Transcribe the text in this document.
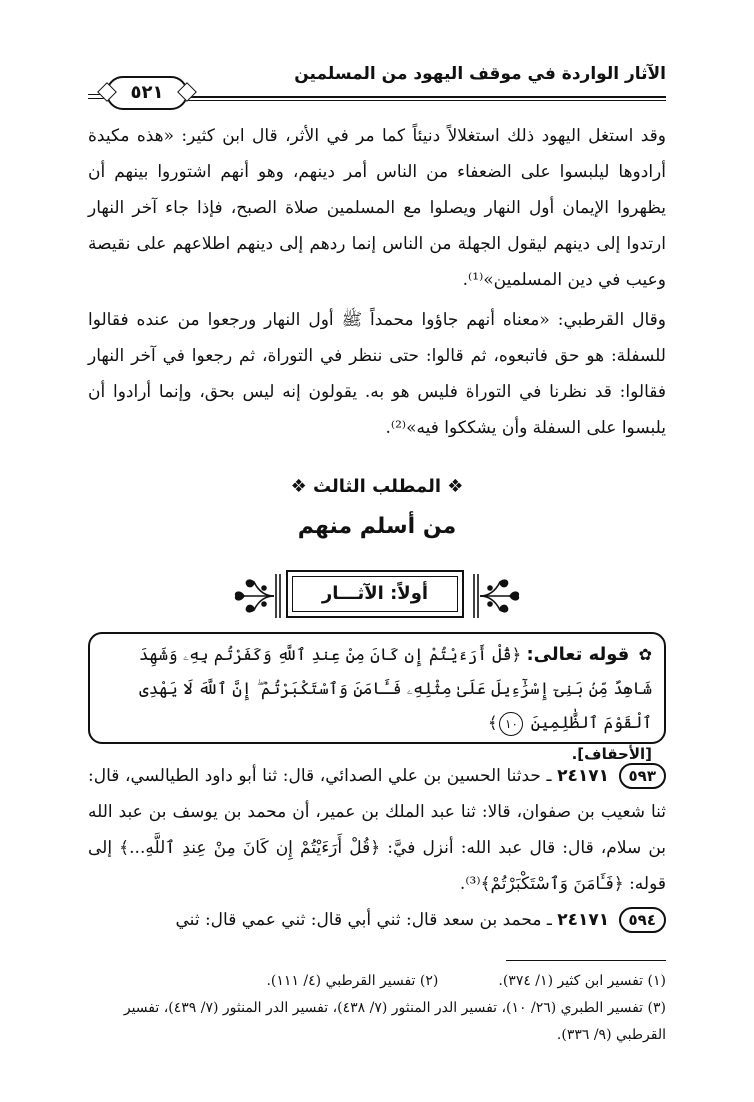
الآثار الواردة في موقف اليهود من المسلمين
٥٢١
وقد استغل اليهود ذلك استغلالاً دنيئاً كما مر في الأثر، قال ابن كثير: «هذه مكيدة أرادوها ليلبسوا على الضعفاء من الناس أمر دينهم، وهو أنهم اشتوروا بينهم أن يظهروا الإيمان أول النهار ويصلوا مع المسلمين صلاة الصبح، فإذا جاء آخر النهار ارتدوا إلى دينهم ليقول الجهلة من الناس إنما ردهم إلى دينهم اطلاعهم على نقيصة وعيب في دين المسلمين»⁽¹⁾.
وقال القرطبي: «معناه أنهم جاؤوا محمداً ﷺ أول النهار ورجعوا من عنده فقالوا للسفلة: هو حق فاتبعوه، ثم قالوا: حتى ننظر في التوراة، ثم رجعوا في آخر النهار فقالوا: قد نظرنا في التوراة فليس هو به. يقولون إنه ليس بحق، وإنما أرادوا أن يلبسوا على السفلة وأن يشككوا فيه»⁽²⁾.
❖ المطلب الثالث ❖
من أسلم منهم
أولاً: الآثـــار
✿ قوله تعالى: ﴿قُلْ أَرَءَيْتُمْ إِن كَانَ مِنْ عِندِ ٱللَّهِ وَكَفَرْتُم بِهِۦ وَشَهِدَ شَاهِدٌ مِّنۢ بَنِىٓ إِسْرَٰٓءِيلَ عَلَىٰ مِثْلِهِۦ فَـَٔامَنَ وَٱسْتَكْبَرْتُمْ ۖ إِنَّ ٱللَّهَ لَا يَهْدِى ٱلْقَوْمَ ٱلظَّٰلِمِينَ ١٠﴾
[الأحقاف].
٥٩٣ ٢٤١٧١ ـ حدثنا الحسين بن علي الصدائي، قال: ثنا أبو داود الطيالسي، قال: ثنا شعيب بن صفوان، قالا: ثنا عبد الملك بن عمير، أن محمد بن يوسف بن عبد الله بن سلام، قال: قال عبد الله: أنزل فيَّ: ﴿قُلْ أَرَءَيْتُمْ إِن كَانَ مِنْ عِندِ ٱللَّهِ...﴾ إلى قوله: ﴿فَـَٔامَنَ وَٱسْتَكْبَرْتُمْ﴾⁽³⁾.
٥٩٤ ٢٤١٧١ ـ محمد بن سعد قال: ثني أبي قال: ثني عمي قال: ثني
(١) تفسير ابن كثير (١/ ٣٧٤).(٢) تفسير القرطبي (٤/ ١١١).
(٣) تفسير الطبري (٢٦/ ١٠)، تفسير الدر المنثور (٧/ ٤٣٨)، تفسير الدر المنثور (٧/ ٤٣٩)، تفسير القرطبي (٩/ ٣٣٦).
